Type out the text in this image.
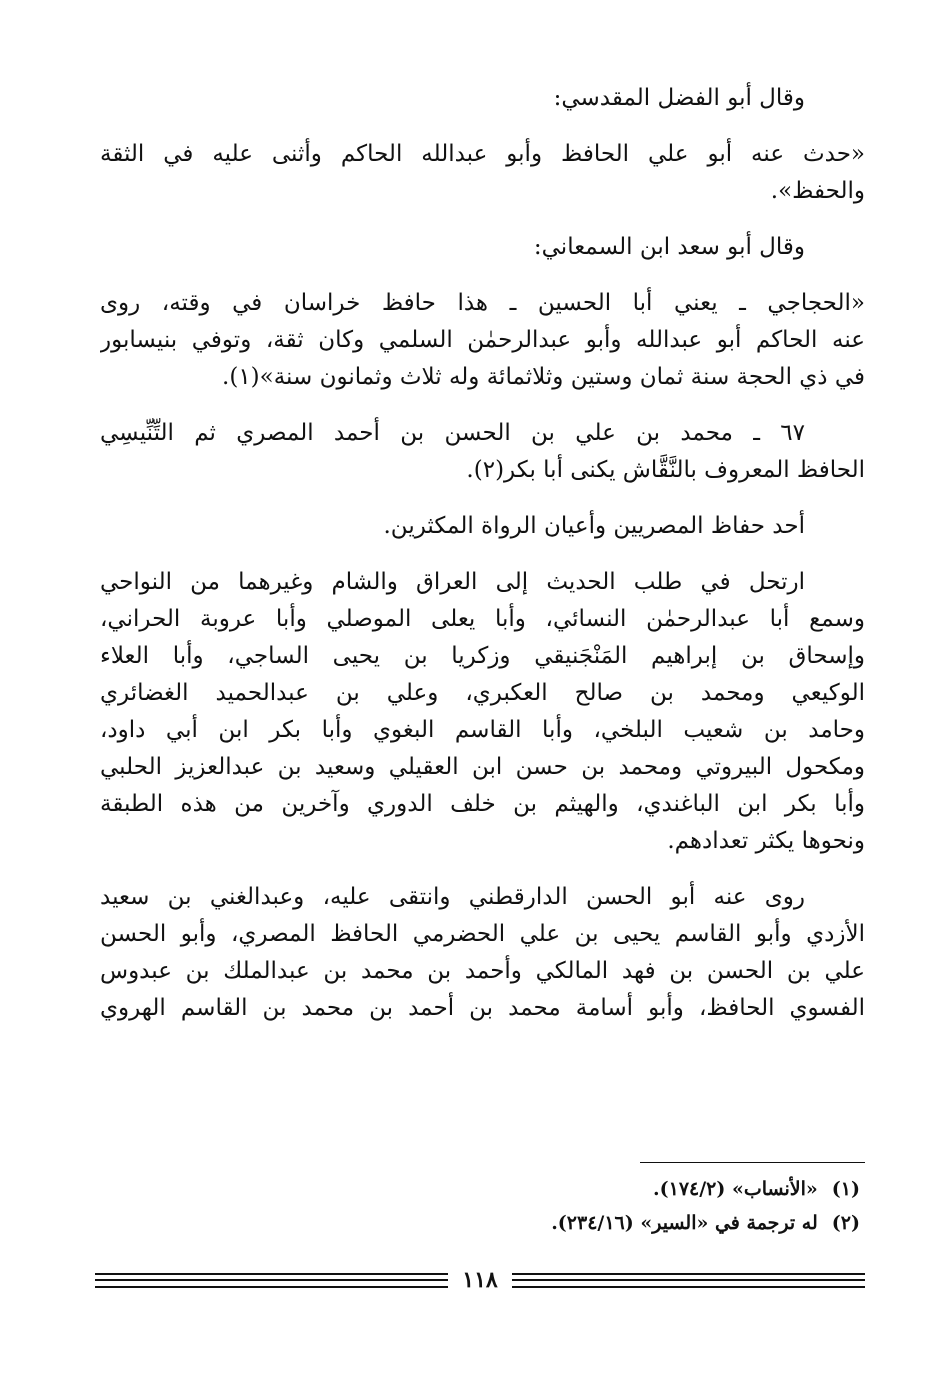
وقال أبو الفضل المقدسي:
«حدث عنه أبو علي الحافظ وأبو عبدالله الحاكم وأثنى عليه في الثقة
والحفظ».
وقال أبو سعد ابن السمعاني:
«الحجاجي ـ يعني أبا الحسين ـ هذا حافظ خراسان في وقته، روى
عنه الحاكم أبو عبدالله وأبو عبدالرحمٰن السلمي وكان ثقة، وتوفي بنيسابور
في ذي الحجة سنة ثمان وستين وثلاثمائة وله ثلاث وثمانون سنة»(١).
٦٧ ـ محمد بن علي بن الحسن بن أحمد المصري ثم التِّنِّيسِي
الحافظ المعروف بالنَّقَّاش يكنى أبا بكر(٢).
أحد حفاظ المصريين وأعيان الرواة المكثرين.
ارتحل في طلب الحديث إلى العراق والشام وغيرهما من النواحي
وسمع أبا عبدالرحمٰن النسائي، وأبا يعلى الموصلي وأبا عروبة الحراني،
وإسحاق بن إبراهيم المَنْجَنيقي وزكريا بن يحيى الساجي، وأبا العلاء
الوكيعي ومحمد بن صالح العكبري، وعلي بن عبدالحميد الغضائري
وحامد بن شعيب البلخي، وأبا القاسم البغوي وأبا بكر ابن أبي داود،
ومكحول البيروتي ومحمد بن حسن ابن العقيلي وسعيد بن عبدالعزيز الحلبي
وأبا بكر ابن الباغندي، والهيثم بن خلف الدوري وآخرين من هذه الطبقة
ونحوها يكثر تعدادهم.
روى عنه أبو الحسن الدارقطني وانتقى عليه، وعبدالغني بن سعيد
الأزدي وأبو القاسم يحيى بن علي الحضرمي الحافظ المصري، وأبو الحسن
علي بن الحسن بن فهد المالكي وأحمد بن محمد بن عبدالملك بن عبدوس
الفسوي الحافظ، وأبو أسامة محمد بن أحمد بن محمد بن القاسم الهروي
(١)
«الأنساب» (١٧٤/٢).
(٢)
له ترجمة في «السير» (٢٣٤/١٦).
١١٨
